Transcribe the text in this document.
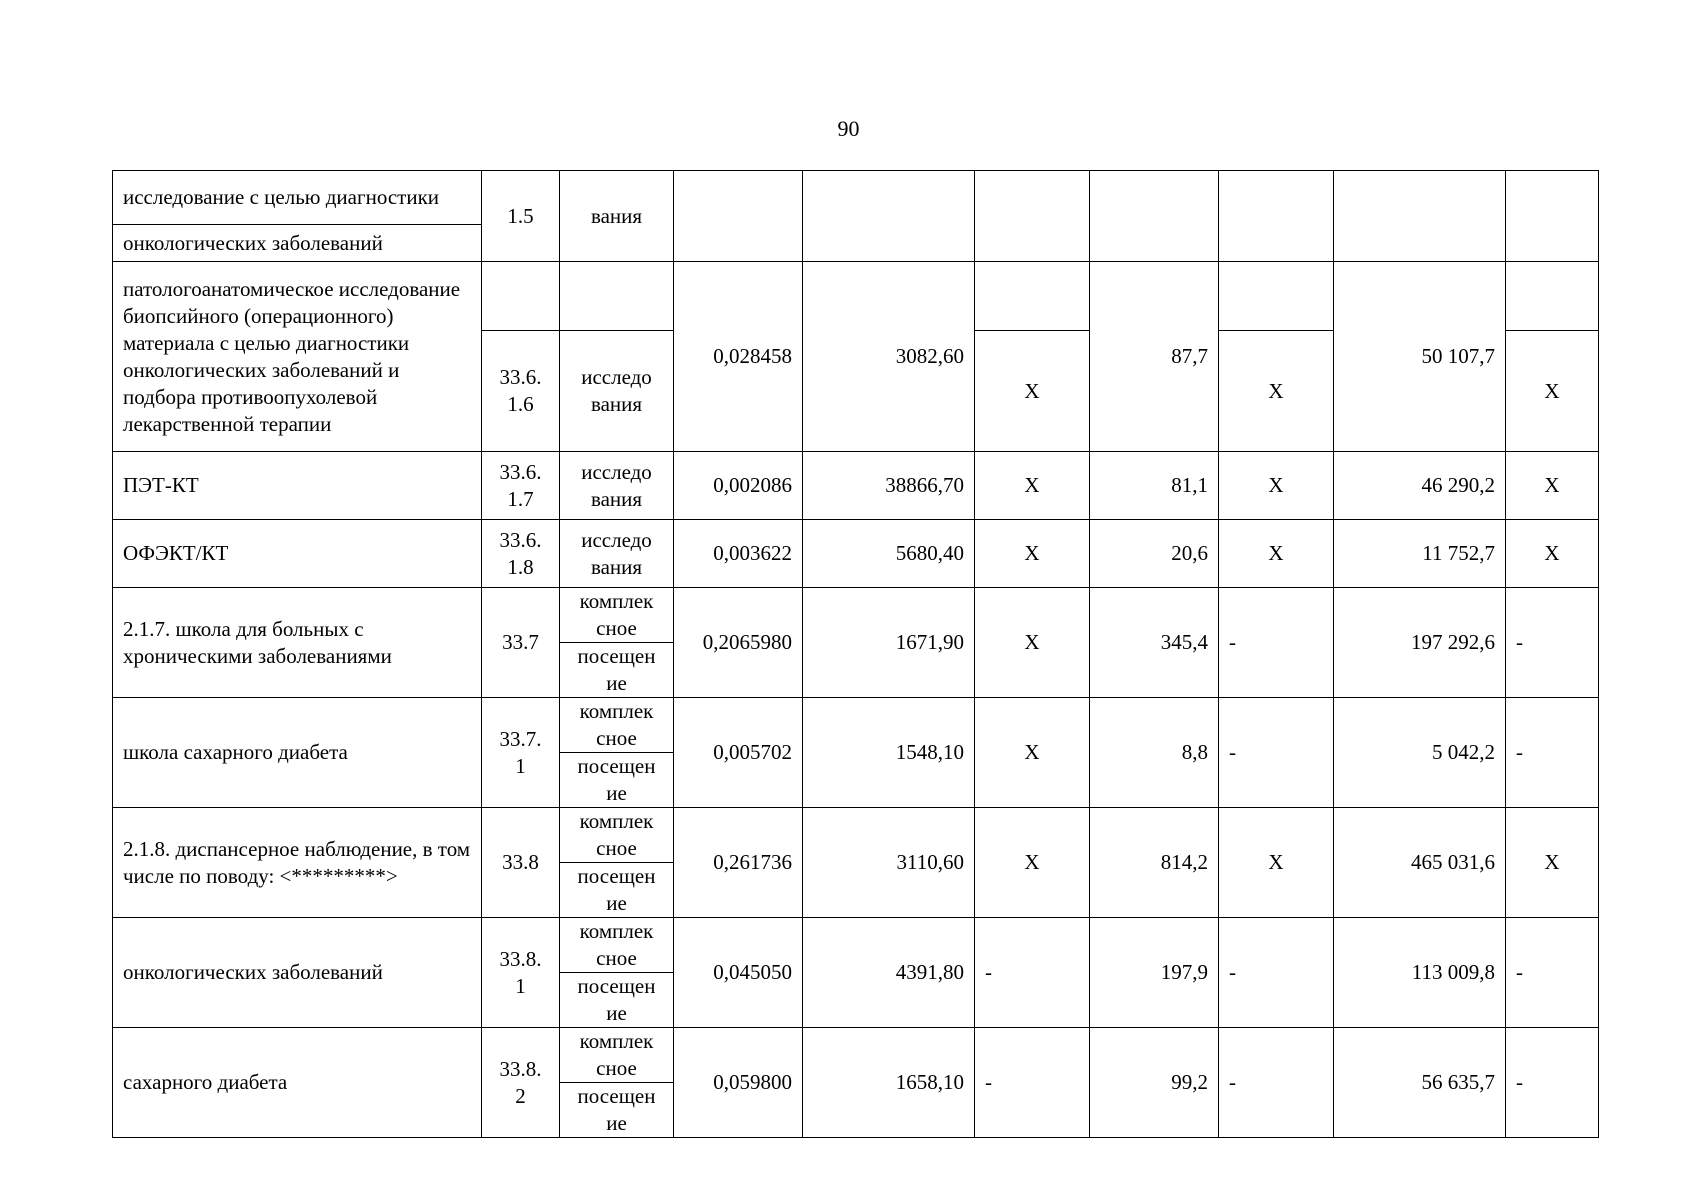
90
исследование с целью диагностики	1.5	вания							
онкологических заболеваний									
патологоанатомическое исследование биопсийного (операционного) материала с целью диагностики онкологических заболеваний и подбора противоопухолевой лекарственной терапии			0,028458	3082,60		87,7		50 107,7	
	33.6. 1.6	исследо вания			X		X		X
ПЭТ-КТ	33.6. 1.7	исследо вания	0,002086	38866,70	X	81,1	X	46 290,2	X
ОФЭКТ/КТ	33.6. 1.8	исследо вания	0,003622	5680,40	X	20,6	X	11 752,7	X
2.1.7. школа для больных с хроническими заболеваниями	33.7	комплек сное	0,2065980	1671,90	X	345,4	-	197 292,6	-
		посещен ие							
школа сахарного диабета	33.7. 1	комплек сное	0,005702	1548,10	X	8,8	-	5 042,2	-
		посещен ие							
2.1.8. диспансерное наблюдение, в том числе по поводу: <*********>	33.8	комплек сное	0,261736	3110,60	X	814,2	X	465 031,6	X
		посещен ие							
онкологических заболеваний	33.8. 1	комплек сное	0,045050	4391,80	-	197,9	-	113 009,8	-
		посещен ие							
сахарного диабета	33.8. 2	комплек сное	0,059800	1658,10	-	99,2	-	56 635,7	-
		посещен ие							
